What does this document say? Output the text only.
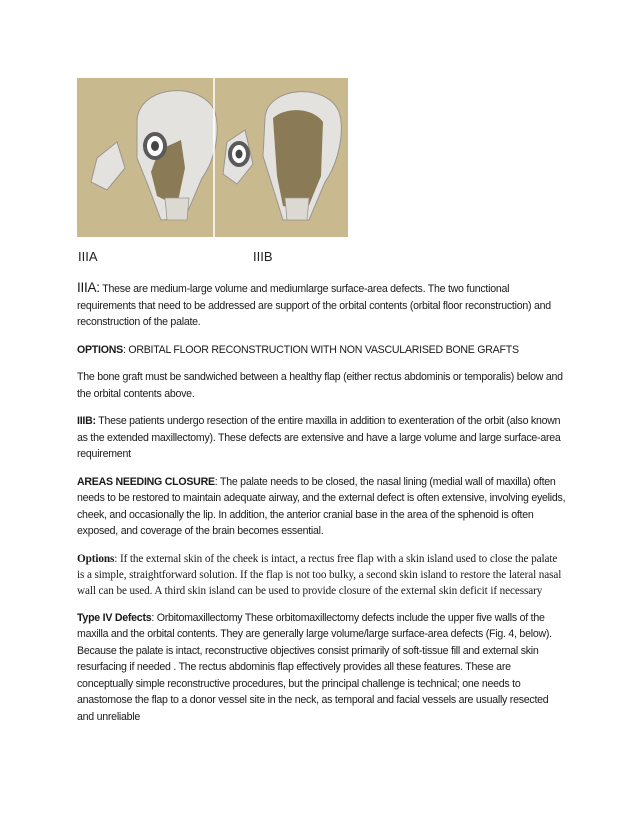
IIIA	IIIB

IIIA: These are medium-large volume and mediumlarge surface-area defects. The two functional requirements that need to be addressed are support of the orbital contents (orbital floor reconstruction) and reconstruction of the palate.

OPTIONS: ORBITAL FLOOR RECONSTRUCTION WITH NON VASCULARISED BONE GRAFTS

The bone graft must be sandwiched between a healthy flap (either rectus abdominis or temporalis) below and the orbital contents above.

IIIB: These patients undergo resection of the entire maxilla in addition to exenteration of the orbit (also known as the extended maxillectomy). These defects are extensive and have a large volume and large surface-area requirement

AREAS NEEDING CLOSURE: The palate needs to be closed, the nasal lining (medial wall of maxilla) often needs to be restored to maintain adequate airway, and the external defect is often extensive, involving eyelids, cheek, and occasionally the lip. In addition, the anterior cranial base in the area of the sphenoid is often exposed, and coverage of the brain becomes essential.

Options: If the external skin of the cheek is intact, a rectus free flap with a skin island used to close the palate is a simple, straightforward solution. If the flap is not too bulky, a second skin island to restore the lateral nasal wall can be used. A third skin island can be used to provide closure of the external skin deficit if necessary

Type IV Defects: Orbitomaxillectomy These orbitomaxillectomy defects include the upper five walls of the maxilla and the orbital contents. They are generally large volume/large surface-area defects (Fig. 4, below). Because the palate is intact, reconstructive objectives consist primarily of soft-tissue fill and external skin resurfacing if needed . The rectus abdominis flap effectively provides all these features. These are conceptually simple reconstructive procedures, but the principal challenge is technical; one needs to anastomose the flap to a donor vessel site in the neck, as temporal and facial vessels are usually resected and unreliable
